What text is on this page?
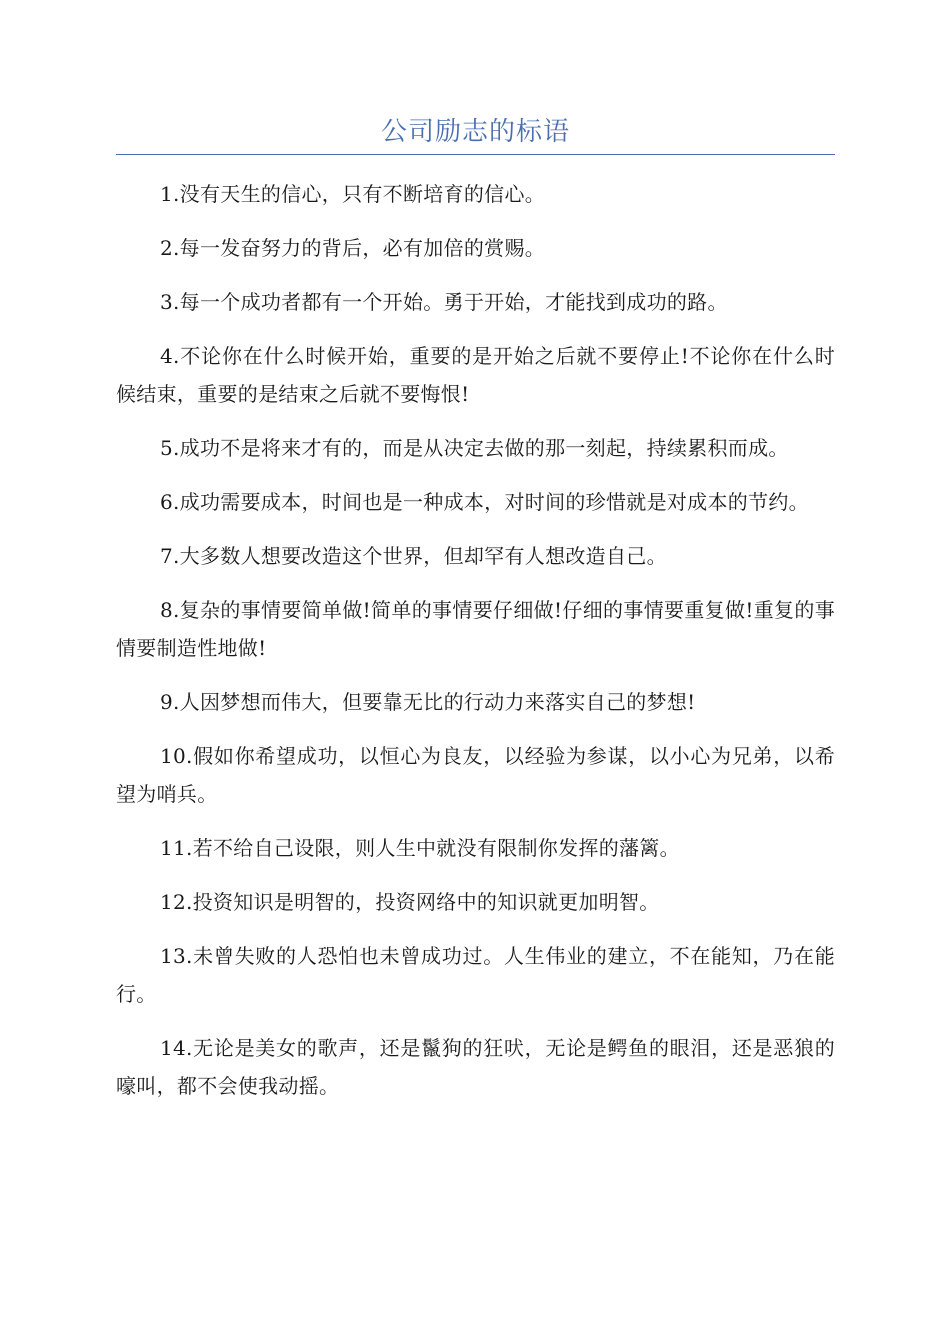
公司励志的标语

1.没有天生的信心，只有不断培育的信心。

2.每一发奋努力的背后，必有加倍的赏赐。

3.每一个成功者都有一个开始。勇于开始，才能找到成功的路。

4.不论你在什么时候开始，重要的是开始之后就不要停止!不论你在什么时候结束，重要的是结束之后就不要悔恨!

5.成功不是将来才有的，而是从决定去做的那一刻起，持续累积而成。

6.成功需要成本，时间也是一种成本，对时间的珍惜就是对成本的节约。

7.大多数人想要改造这个世界，但却罕有人想改造自己。

8.复杂的事情要简单做!简单的事情要仔细做!仔细的事情要重复做!重复的事情要制造性地做!

9.人因梦想而伟大，但要靠无比的行动力来落实自己的梦想!

10.假如你希望成功，以恒心为良友，以经验为参谋，以小心为兄弟，以希望为哨兵。

11.若不给自己设限，则人生中就没有限制你发挥的藩篱。

12.投资知识是明智的，投资网络中的知识就更加明智。

13.未曾失败的人恐怕也未曾成功过。人生伟业的建立，不在能知，乃在能行。

14.无论是美女的歌声，还是鬣狗的狂吠，无论是鳄鱼的眼泪，还是恶狼的嚎叫，都不会使我动摇。
